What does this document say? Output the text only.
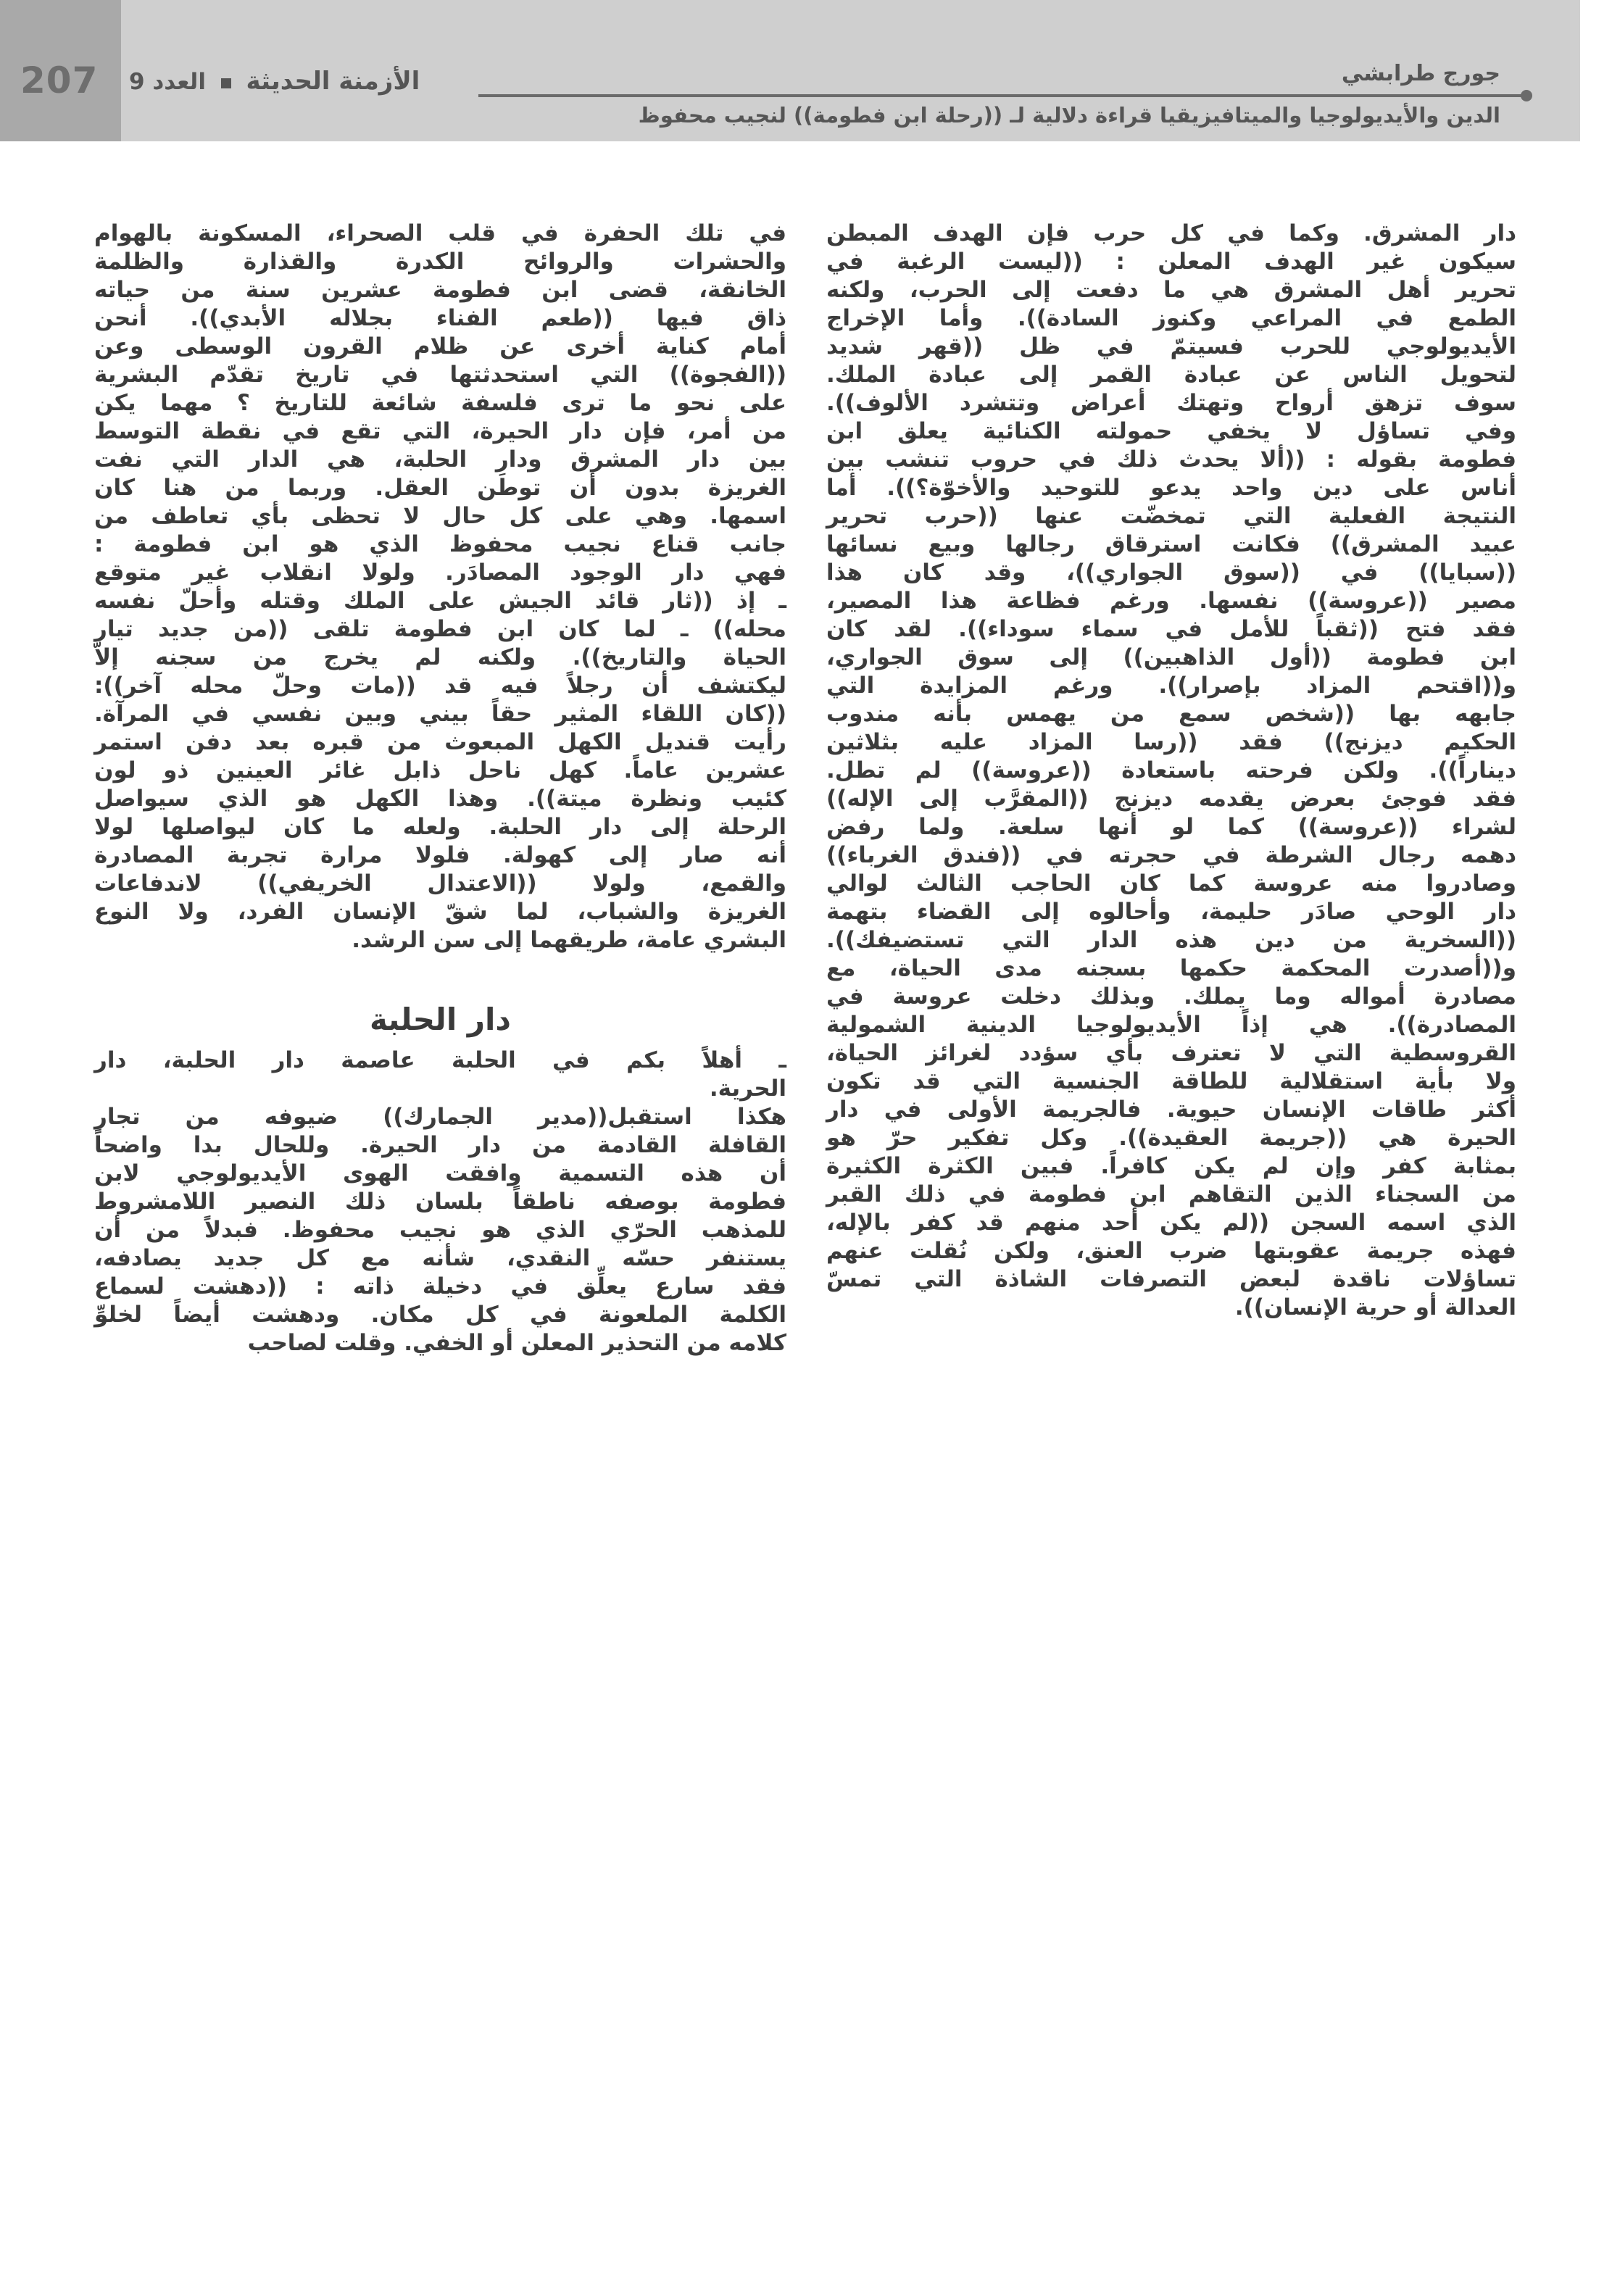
207	الأزمنة الحديثة  العدد 9	جورج طرابشي
الدين والأيديولوجيا والميتافيزيقيا قراءة دلالية لـ ((رحلة ابن فطومة)) لنجيب محفوظ
دار المشرق. وكما في كل حرب فإن الهدف المبطن
سيكون غير الهدف المعلن : ((ليست الرغبة في
تحرير أهل المشرق هي ما دفعت إلى الحرب، ولكنه
الطمع في المراعي وكنوز السادة)). وأما الإخراج
الأيديولوجي للحرب فسيتمّ في ظل ((قهر شديد
لتحويل الناس عن عبادة القمر إلى عبادة الملك.
سوف تزهق أرواح وتهتك أعراض وتتشرد الألوف)).
وفي تساؤل لا يخفي حمولته الكنائية يعلق ابن
فطومة بقوله : ((ألا يحدث ذلك في حروب تنشب بين
أناس على دين واحد يدعو للتوحيد والأخوّة؟)). أما
النتيجة الفعلية التي تمخضّت عنها ((حرب تحرير
عبيد المشرق)) فكانت استرقاق رجالها وبيع نسائها
((سبايا)) في ((سوق الجواري))، وقد كان هذا
مصير ((عروسة)) نفسها. ورغم فظاعة هذا المصير،
فقد فتح ((ثقباً للأمل في سماء سوداء)). لقد كان
ابن فطومة ((أول الذاهبين)) إلى سوق الجواري،
و((اقتحم المزاد بإصرار)). ورغم المزايدة التي
جابهه بها ((شخص سمع من يهمس بأنه مندوب
الحكيم ديزنج)) فقد ((رسا المزاد عليه بثلاثين
ديناراً)). ولكن فرحته باستعادة ((عروسة)) لم تطل.
فقد فوجئ بعرض يقدمه ديزنج ((المقرَّب إلى الإله))
لشراء ((عروسة)) كما لو أنها سلعة. ولما رفض
دهمه رجال الشرطة في حجرته في ((فندق الغرباء))
وصادروا منه عروسة كما كان الحاجب الثالث لوالي
دار الوحي صادَر حليمة، وأحالوه إلى القضاء بتهمة
((السخرية من دين هذه الدار التي تستضيفك)).
و((أصدرت المحكمة حكمها بسجنه مدى الحياة، مع
مصادرة أمواله وما يملك. وبذلك دخلت عروسة في
المصادرة)). هي إذاً الأيديولوجيا الدينية الشمولية
القروسطية التي لا تعترف بأي سؤدد لغرائز الحياة،
ولا بأية استقلالية للطاقة الجنسية التي قد تكون
أكثر طاقات الإنسان حيوية. فالجريمة الأولى في دار
الحيرة هي ((جريمة العقيدة)). وكل تفكير حرّ هو
بمثابة كفر وإن لم يكن كافراً. فبين الكثرة الكثيرة
من السجناء الذين التقاهم ابن فطومة في ذلك القبر
الذي اسمه السجن ((لم يكن أحد منهم قد كفر بالإله،
فهذه جريمة عقوبتها ضرب العنق، ولكن نُقلت عنهم
تساؤلات ناقدة لبعض التصرفات الشاذة التي تمسّ
العدالة أو حرية الإنسان)).
في تلك الحفرة في قلب الصحراء، المسكونة بالهوام
والحشرات والروائح الكدرة والقذارة والظلمة
الخانقة، قضى ابن فطومة عشرين سنة من حياته
ذاق فيها ((طعم الفناء بجلاله الأبدي)). أنحن
أمام كناية أخرى عن ظلام القرون الوسطى وعن
((الفجوة)) التي استحدثتها في تاريخ تقدّم البشرية
على نحو ما ترى فلسفة شائعة للتاريخ ؟ مهما يكن
من أمر، فإن دار الحيرة، التي تقع في نقطة التوسط
بين دار المشرق ودارِ الحلبة، هي الدار التي نفت
الغريزة بدون أن توطن العقل. وربما من هنا كان
اسمها. وهي على كل حال لا تحظى بأي تعاطف من
جانب قناع نجيب محفوظ الذي هو ابن فطومة :
فهي دار الوجود المصادَر. ولولا انقلاب غير متوقع
ـ إذ ((ثار قائد الجيش على الملك وقتله وأحلّ نفسه
محله)) ـ لما كان ابن فطومة تلقى ((من جديد تيار
الحياة والتاريخ)). ولكنه لم يخرج من سجنه إلاّ
ليكتشف أن رجلاً فيه قد ((مات وحلّ محله آخر)):
((كان اللقاء المثير حقاً بيني وبين نفسي في المرآة.
رأيت قنديل الكهل المبعوث من قبره بعد دفن استمر
عشرين عاماً. كهل ناحل ذابل غائر العينين ذو لون
كئيب ونظرة ميتة)). وهذا الكهل هو الذي سيواصل
الرحلة إلى دار الحلبة. ولعله ما كان ليواصلها لولا
أنه صار إلى كهولة. فلولا مرارة تجربة المصادرة
والقمع، ولولا ((الاعتدال الخريفي)) لاندفاعات
الغريزة والشباب، لما شقّ الإنسان الفرد، ولا النوع
البشري عامة، طريقهما إلى سن الرشد.
دار الحلبة
ـ أهلاً بكم في الحلبة عاصمة دار الحلبة، دار
الحرية.
هكذا استقبل((مدير الجمارك)) ضيوفه من تجار
القافلة القادمة من دار الحيرة. وللحال بدا واضحاً
أن هذه التسمية وافقت الهوى الأيديولوجي لابن
فطومة بوصفه ناطقاً بلسان ذلك النصير اللامشروط
للمذهب الحرّي الذي هو نجيب محفوظ. فبدلاً من أن
يستنفر حسّه النقدي، شأنه مع كل جديد يصادفه،
فقد سارع يعلِّق في دخيلة ذاته : ((دهشت لسماع
الكلمة الملعونة في كل مكان. ودهشت أيضاً لخلوِّ
كلامه من التحذير المعلن أو الخفي. وقلت لصاحب
